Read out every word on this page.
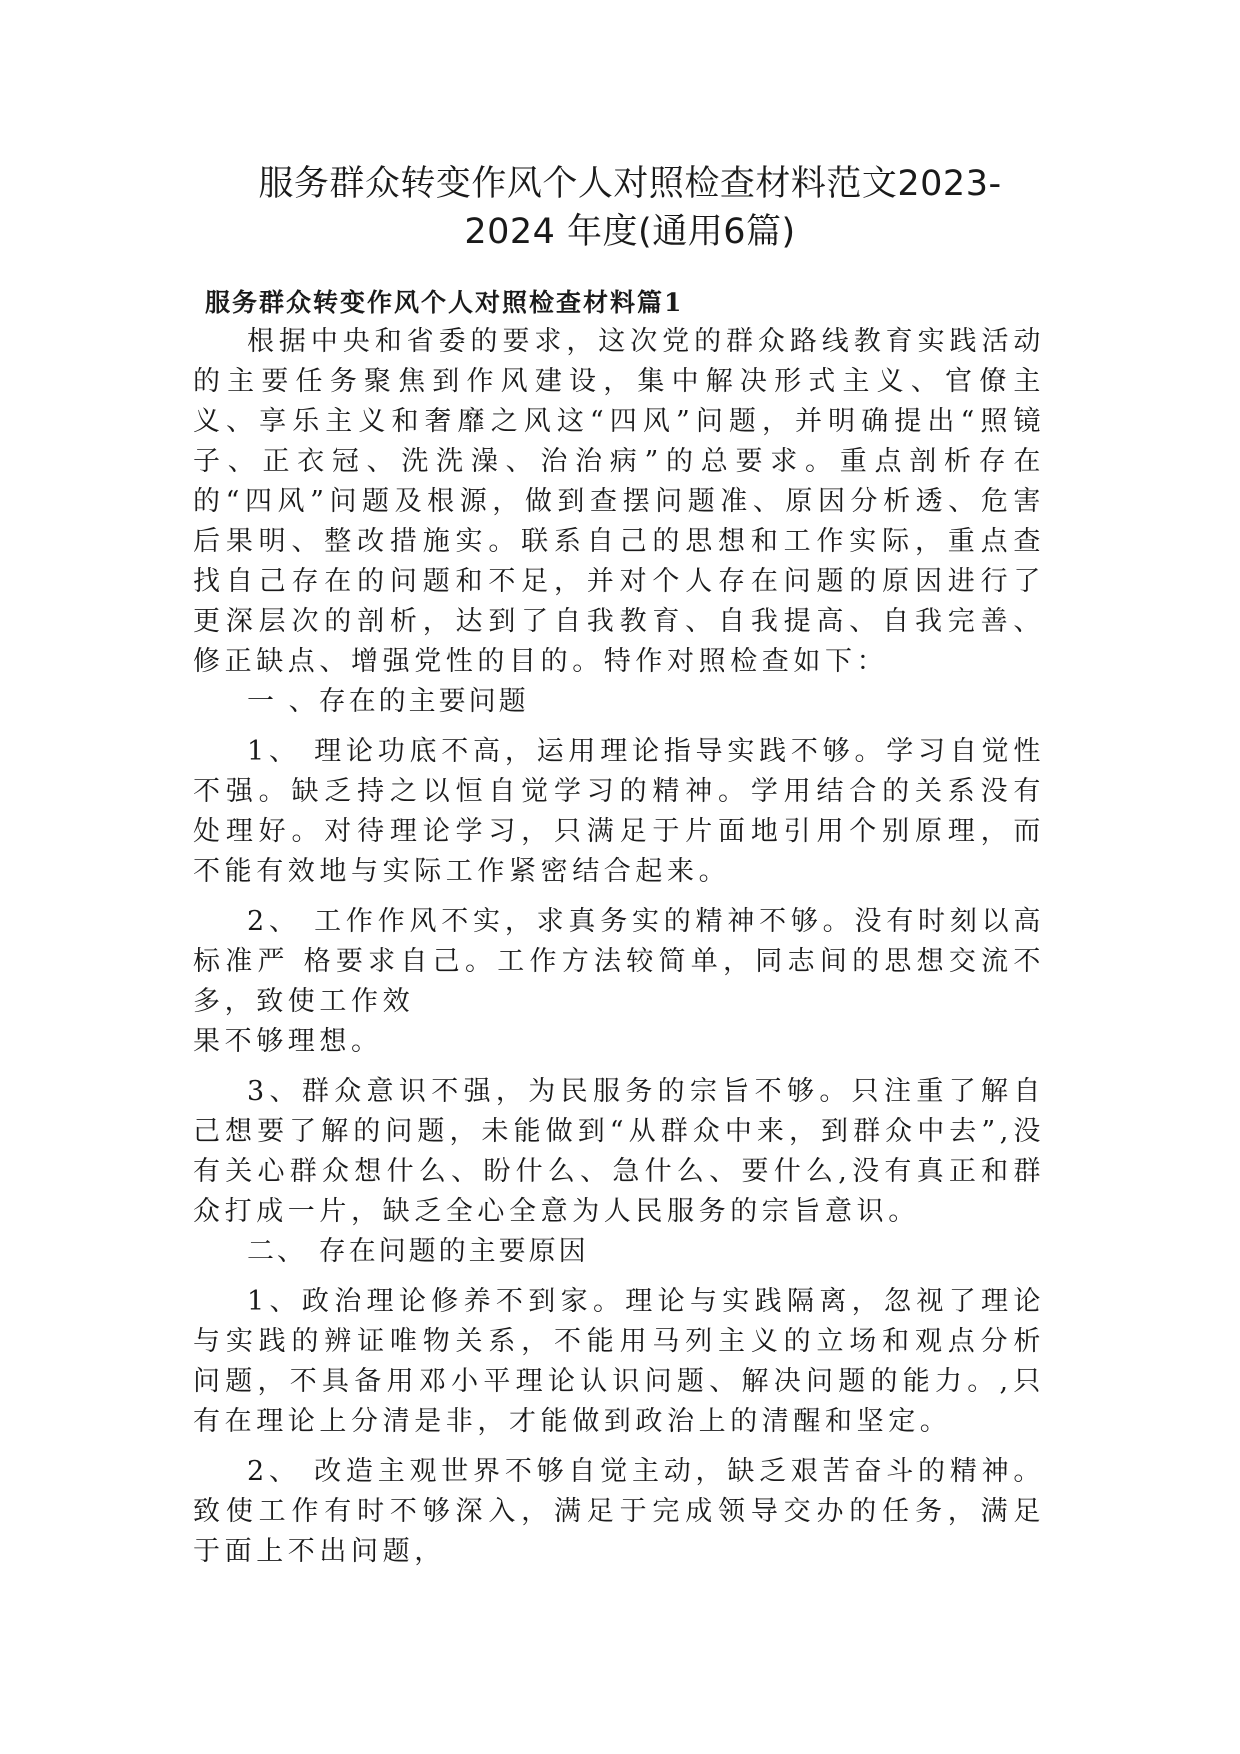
服务群众转变作风个人对照检查材料范文2023-
2024 年度(通用6篇)
服务群众转变作风个人对照检查材料篇1

根据中央和省委的要求，这次党的群众路线教育实践活动的主要任务聚焦到作风建设，集中解决形式主义、官僚主义、享乐主义和奢靡之风这“四风”问题，并明确提出“照镜子、正衣冠、洗洗澡、治治病”的总要求。重点剖析存在的“四风”问题及根源，做到查摆问题准、原因分析透、危害后果明、整改措施实。联系自己的思想和工作实际，重点查找自己存在的问题和不足，并对个人存在问题的原因进行了更深层次的剖析，达到了自我教育、自我提高、自我完善、修正缺点、增强党性的目的。特作对照检查如下：

一 、存在的主要问题

1、 理论功底不高，运用理论指导实践不够。学习自觉性不强。缺乏持之以恒自觉学习的精神。学用结合的关系没有处理好。对待理论学习，只满足于片面地引用个别原理，而不能有效地与实际工作紧密结合起来。

2、 工作作风不实，求真务实的精神不够。没有时刻以高标准严 格要求自己。工作方法较简单，同志间的思想交流不多，致使工作效

果不够理想。

3、群众意识不强，为民服务的宗旨不够。只注重了解自己想要了解的问题，未能做到“从群众中来，到群众中去”,没有关心群众想什么、盼什么、急什么、要什么,没有真正和群众打成一片，缺乏全心全意为人民服务的宗旨意识。

二、 存在问题的主要原因

1、政治理论修养不到家。理论与实践隔离，忽视了理论与实践的辨证唯物关系，不能用马列主义的立场和观点分析问题，不具备用邓小平理论认识问题、解决问题的能力。,只有在理论上分清是非，才能做到政治上的清醒和坚定。

2、 改造主观世界不够自觉主动，缺乏艰苦奋斗的精神。致使工作有时不够深入，满足于完成领导交办的任务，满足于面上不出问题，
